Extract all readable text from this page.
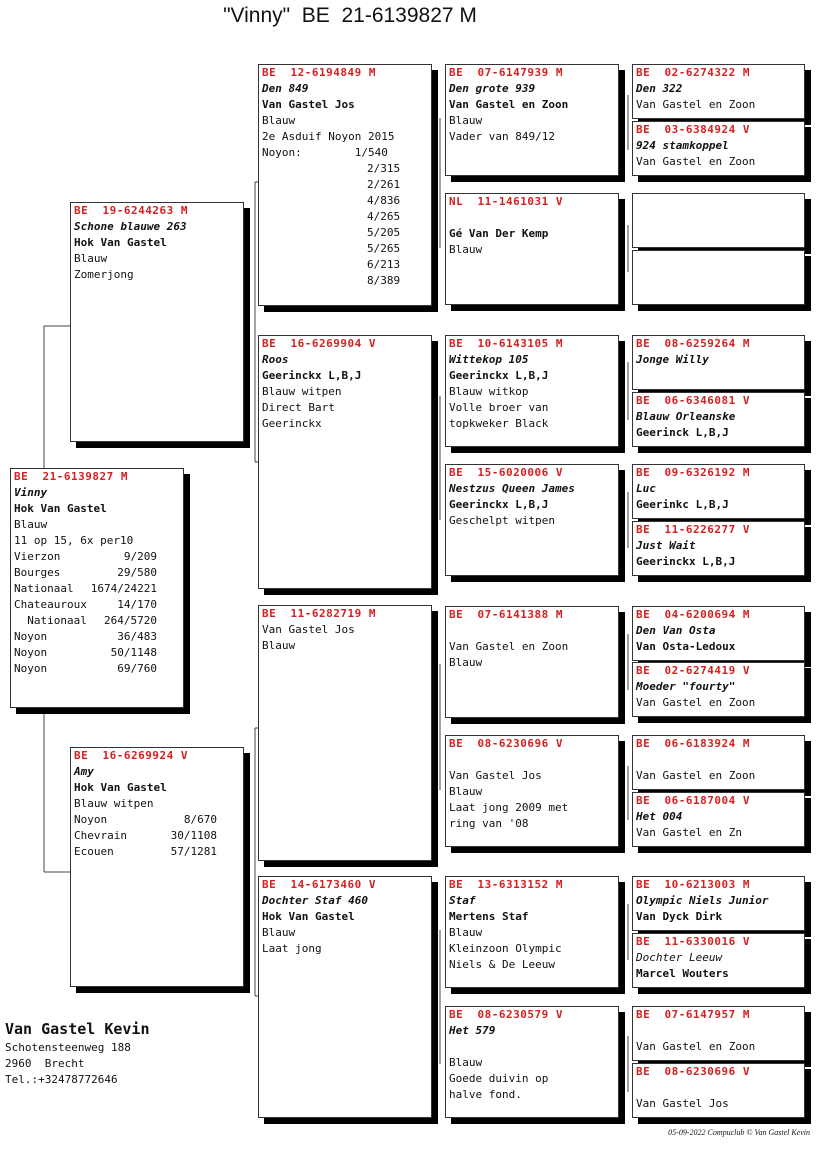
"Vinny"  BE  21-6139827 M
BE  21-6139827 M
Vinny
Hok Van Gastel
Blauw
11 op 15, 6x per10
Vierzon	9/209
Bourges	29/580
Nationaal 1674/24221
Chateauroux	14/170
Nationaal 264/5720
Noyon	36/483
Noyon	50/1148
Noyon	69/760
BE  19-6244263 M
Schone blauwe 263
Hok Van Gastel
Blauw
Zomerjong
BE  16-6269924 V
Amy
Hok Van Gastel
Blauw witpen
Noyon	8/670
Chevrain	30/1108
Ecouen	57/1281
BE  12-6194849 M
Den 849
Van Gastel Jos
Blauw
2e Asduif Noyon 2015
Noyon:        1/540
2/315
2/261
4/836
4/265
5/205
5/265
6/213
8/389
BE  16-6269904 V
Roos
Geerinckx L,B,J
Blauw witpen
Direct Bart
Geerinckx
BE  11-6282719 M
Van Gastel Jos
Blauw
BE  14-6173460 V
Dochter Staf 460
Hok Van Gastel
Blauw
Laat jong
BE  07-6147939 M
Den grote 939
Van Gastel en Zoon
Blauw
Vader van 849/12
NL  11-1461031 V

Gé Van Der Kemp
Blauw
BE  10-6143105 M
Wittekop 105
Geerinckx L,B,J
Blauw witkop
Volle broer van
topkweker Black
BE  15-6020006 V
Nestzus Queen James
Geerinckx L,B,J
Geschelpt witpen
BE  07-6141388 M

Van Gastel en Zoon
Blauw
BE  08-6230696 V

Van Gastel Jos
Blauw
Laat jong 2009 met
ring van '08
BE  13-6313152 M
Staf
Mertens Staf
Blauw
Kleinzoon Olympic
Niels & De Leeuw
BE  08-6230579 V
Het 579

Blauw
Goede duivin op
halve fond.
BE  02-6274322 M
Den 322
Van Gastel en Zoon
BE  03-6384924 V
924 stamkoppel
Van Gastel en Zoon
BE  08-6259264 M
Jonge Willy
BE  06-6346081 V
Blauw Orleanske
Geerinck L,B,J
BE  09-6326192 M
Luc
Geerinkc L,B,J
BE  11-6226277 V
Just Wait
Geerinckx L,B,J
BE  04-6200694 M
Den Van Osta
Van Osta-Ledoux
BE  02-6274419 V
Moeder "fourty"
Van Gastel en Zoon
BE  06-6183924 M

Van Gastel en Zoon
BE  06-6187004 V
Het 004
Van Gastel en Zn
BE  10-6213003 M
Olympic Niels Junior
Van Dyck Dirk
BE  11-6330016 V
Dochter Leeuw
Marcel Wouters
BE  07-6147957 M

Van Gastel en Zoon
BE  08-6230696 V

Van Gastel Jos
Van Gastel Kevin
Schotensteenweg 188
2960  Brecht
Tel.:+32478772646
05-09-2022 Compuclub © Van Gastel Kevin
